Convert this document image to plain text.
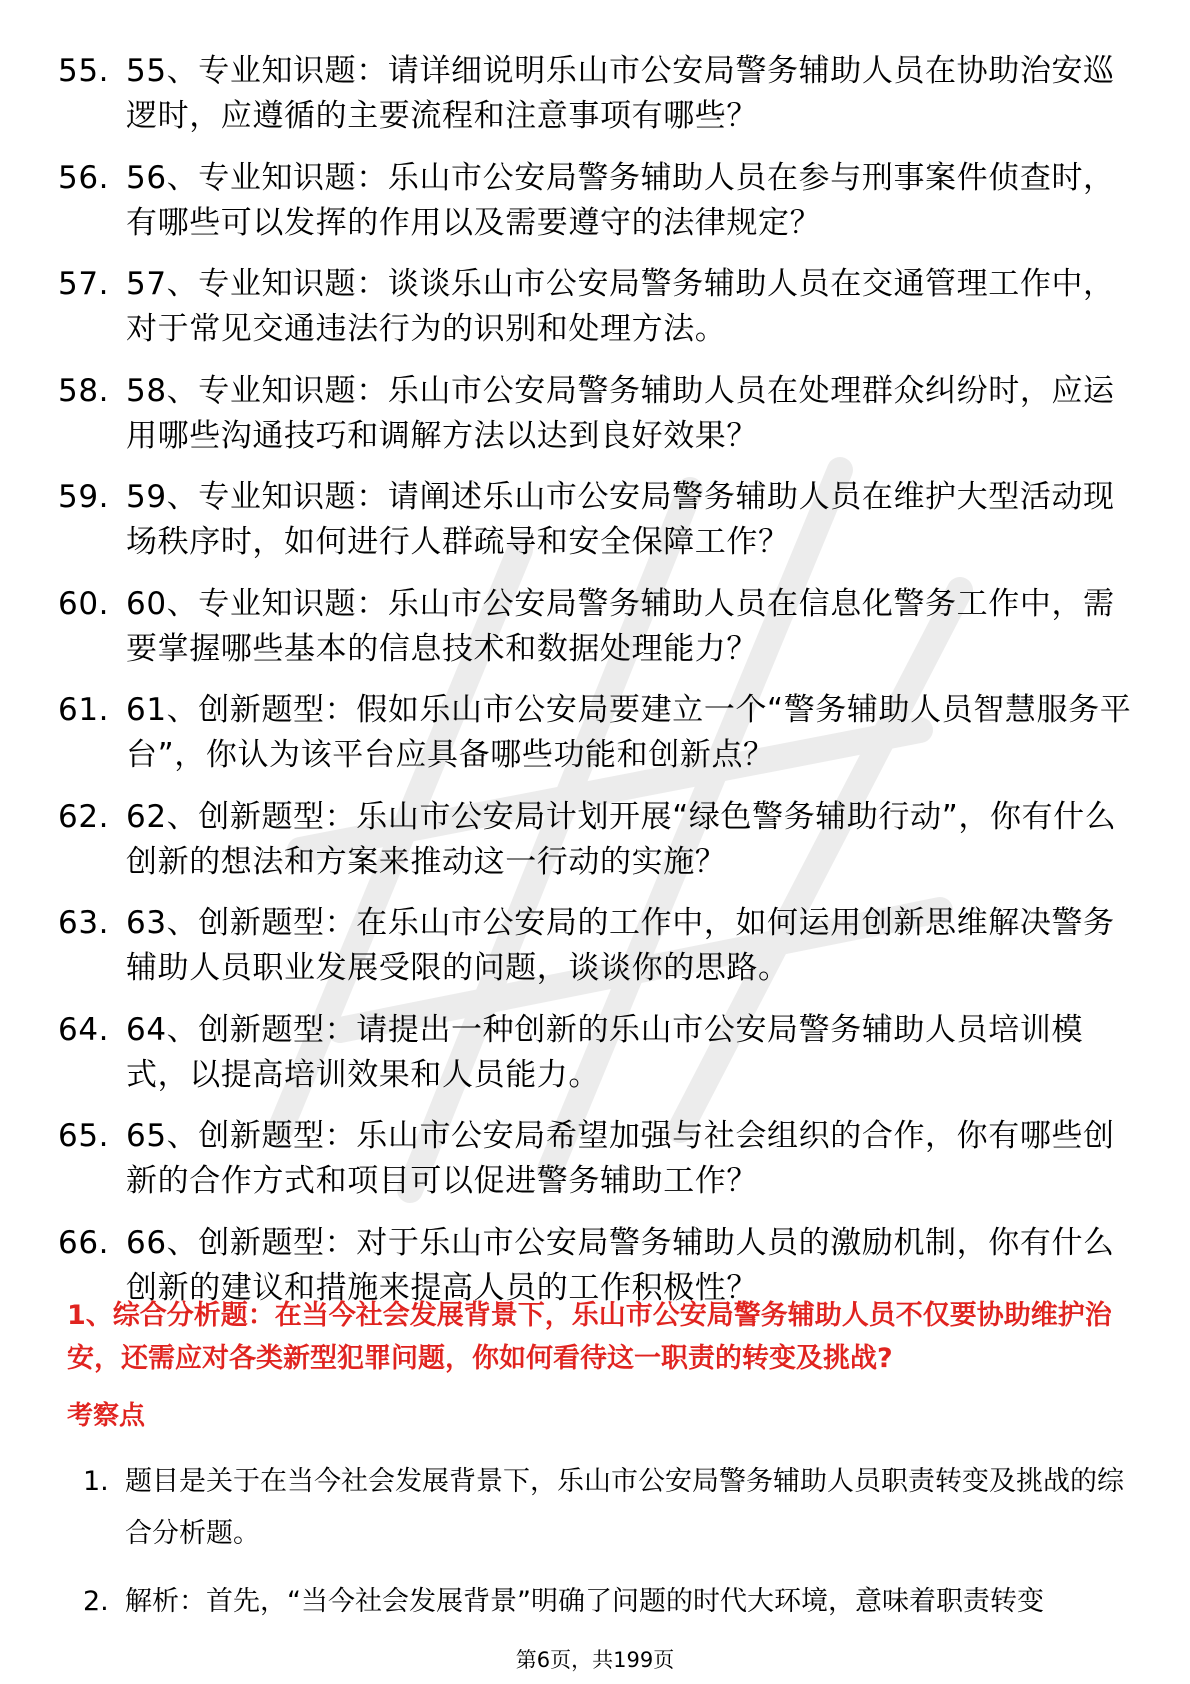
55. 55、专业知识题：请详细说明乐山市公安局警务辅助人员在协助治安巡逻时，应遵循的主要流程和注意事项有哪些？
56. 56、专业知识题：乐山市公安局警务辅助人员在参与刑事案件侦查时，有哪些可以发挥的作用以及需要遵守的法律规定？
57. 57、专业知识题：谈谈乐山市公安局警务辅助人员在交通管理工作中，对于常见交通违法行为的识别和处理方法。
58. 58、专业知识题：乐山市公安局警务辅助人员在处理群众纠纷时，应运用哪些沟通技巧和调解方法以达到良好效果？
59. 59、专业知识题：请阐述乐山市公安局警务辅助人员在维护大型活动现场秩序时，如何进行人群疏导和安全保障工作？
60. 60、专业知识题：乐山市公安局警务辅助人员在信息化警务工作中，需要掌握哪些基本的信息技术和数据处理能力？
61. 61、创新题型：假如乐山市公安局要建立一个“警务辅助人员智慧服务平台”，你认为该平台应具备哪些功能和创新点？
62. 62、创新题型：乐山市公安局计划开展“绿色警务辅助行动”，你有什么创新的想法和方案来推动这一行动的实施？
63. 63、创新题型：在乐山市公安局的工作中，如何运用创新思维解决警务辅助人员职业发展受限的问题，谈谈你的思路。
64. 64、创新题型：请提出一种创新的乐山市公安局警务辅助人员培训模式，以提高培训效果和人员能力。
65. 65、创新题型：乐山市公安局希望加强与社会组织的合作，你有哪些创新的合作方式和项目可以促进警务辅助工作？
66. 66、创新题型：对于乐山市公安局警务辅助人员的激励机制，你有什么创新的建议和措施来提高人员的工作积极性？

1、综合分析题：在当今社会发展背景下，乐山市公安局警务辅助人员不仅要协助维护治安，还需应对各类新型犯罪问题，你如何看待这一职责的转变及挑战?

考察点

1. 题目是关于在当今社会发展背景下，乐山市公安局警务辅助人员职责转变及挑战的综合分析题。
2. 解析：首先，“当今社会发展背景”明确了问题的时代大环境，意味着职责转变
第6页，共199页
